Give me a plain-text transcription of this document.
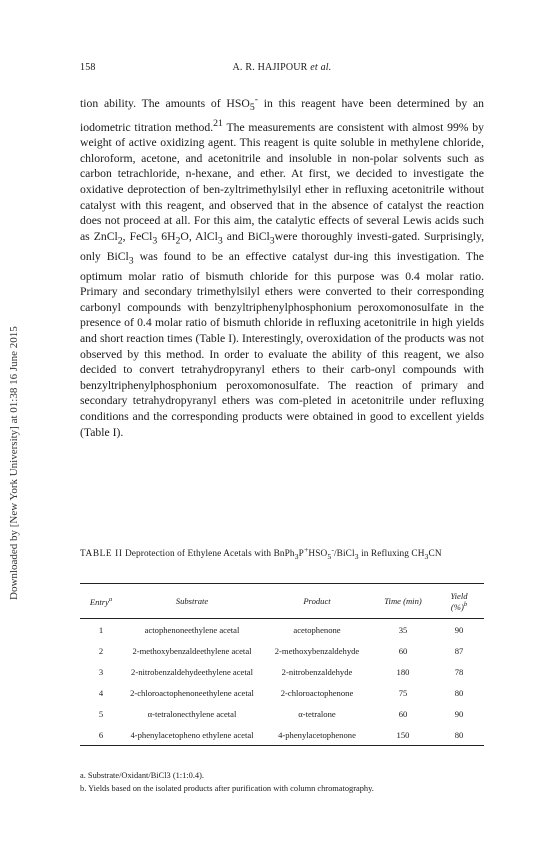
158	A. R. HAJIPOUR et al.
Downloaded by [New York University] at 01:38 16 June 2015

tion ability. The amounts of $HSO_5^-$ in this reagent have been determined by an iodometric titration method.$^{21}$ The measurements are consistent with almost 99% by weight of active oxidizing agent. This reagent is quite soluble in methylene chloride, chloroform, acetone, and acetonitrile and insoluble in non-polar solvents such as carbon tetrachloride, n-hexane, and ether. At first, we decided to investigate the oxidative deprotection of ben-zyltrimethylsilyl ether in refluxing acetonitrile without catalyst with this reagent, and observed that in the absence of catalyst the reaction does not proceed at all. For this aim, the catalytic effects of several Lewis acids such as ZnCl$_2$, FeCl$_3$ $6H_2O$, AlCl$_3$ and BiCl$_3$were thoroughly investi-gated. Surprisingly, only BiCl$_3$ was found to be an effective catalyst dur-ing this investigation. The optimum molar ratio of bismuth chloride for this purpose was 0.4 molar ratio. Primary and secondary trimethylsilyl ethers were converted to their corresponding carbonyl compounds with benzyltriphenylphosphonium peroxomonosulfate in the presence of 0.4 molar ratio of bismuth chloride in refluxing acetonitrile in high yields and short reaction times (Table I). Interestingly, overoxidation of the products was not observed by this method. In order to evaluate the ability of this reagent, we also decided to convert tetrahydropyranyl ethers to their carb-onyl compounds with benzyltriphenylphosphonium peroxomonosulfate. The reaction of primary and secondary tetrahydropyranyl ethers was com-pleted in acetonitrile under refluxing conditions and the corresponding products were obtained in good to excellent yields (Table I).

TABLE II Deprotection of Ethylene Acetals with $BnPh_3P^+HSO_5^-/BiCl_3$ in Refluxing $CH_3CN$
Entry$^a$	Substrate	Product	Time (min)	Yield
(%)$^b$
1	actophenoneethylene acetal	acetophenone	35	90
2	2-methoxybenzaldeethylene acetal	2-methoxybenzaldehyde	60	87
3	2-nitrobenzaldehydeethylene acetal	2-nitrobenzaldehyde	180	78
4	2-chloroactophenoneethylene acetal	2-chloroactophenone	75	80
5	α-tetralonecthylene acetal	α-tetralone	60	90
6	4-phenylacetopheno ethylene acetal	4-phenylacetophenone	150	80
a. Substrate/Oxidant/BiCl3 (1:1:0.4).
b. Yields based on the isolated products after purification with column chromatography.
